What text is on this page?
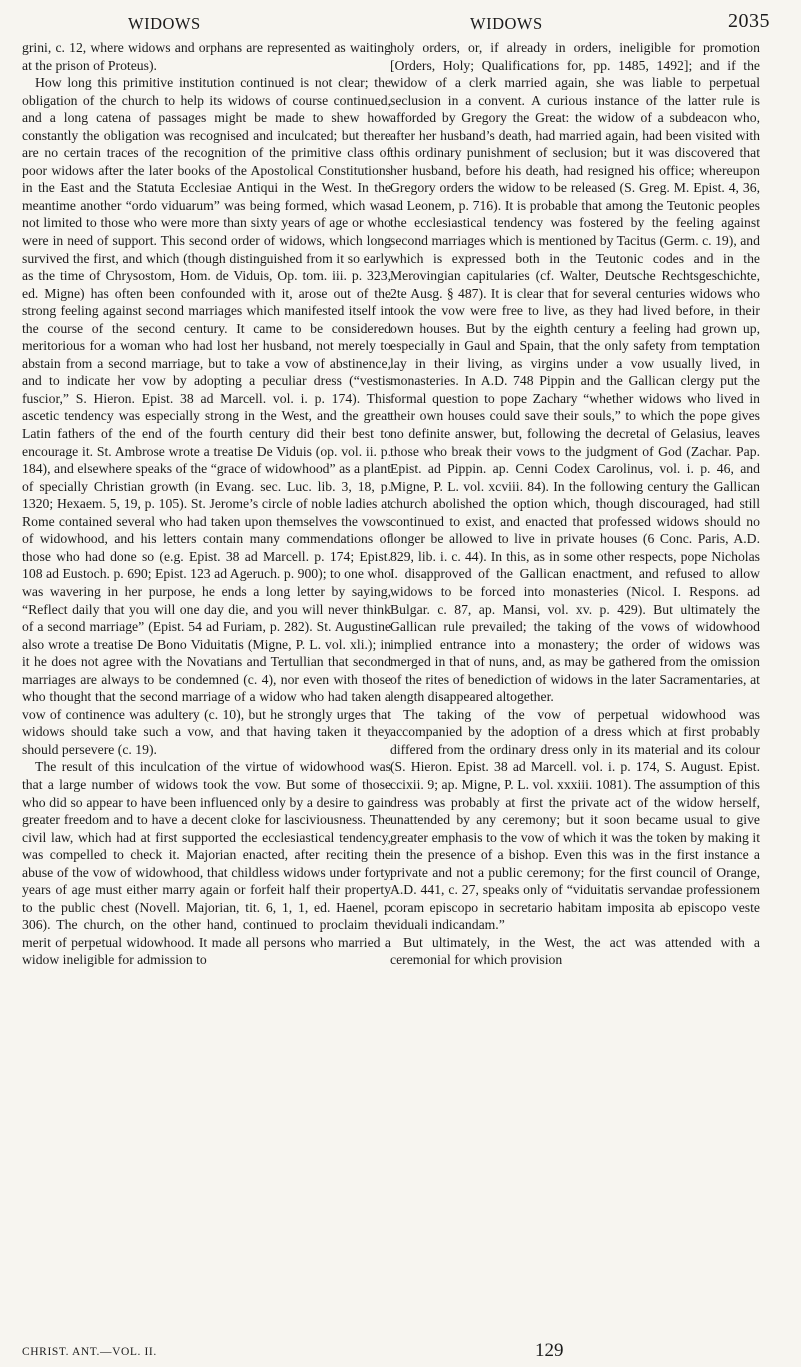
WIDOWS	WIDOWS	2035

grini, c. 12, where widows and orphans are represented as waiting at the prison of Proteus).

How long this primitive institution continued is not clear; the obligation of the church to help its widows of course continued, and a long catena of passages might be made to shew how constantly the obligation was recognised and inculcated; but there are no certain traces of the recognition of the primitive class of poor widows after the later books of the Apostolical Constitutions in the East and the Statuta Ecclesiae Antiqui in the West. In the meantime another “ordo viduarum” was being formed, which was not limited to those who were more than sixty years of age or who were in need of support. This second order of widows, which long survived the first, and which (though distinguished from it so early as the time of Chrysostom, Hom. de Viduis, Op. tom. iii. p. 323, ed. Migne) has often been confounded with it, arose out of the strong feeling against second marriages which manifested itself in the course of the second century. It came to be considered meritorious for a woman who had lost her husband, not merely to abstain from a second marriage, but to take a vow of abstinence, and to indicate her vow by adopting a peculiar dress (“vestis fuscior,” S. Hieron. Epist. 38 ad Marcell. vol. i. p. 174). This ascetic tendency was especially strong in the West, and the great Latin fathers of the end of the fourth century did their best to encourage it. St. Ambrose wrote a treatise De Viduis (op. vol. ii. p. 184), and elsewhere speaks of the “grace of widowhood” as a plant of specially Christian growth (in Evang. sec. Luc. lib. 3, 18, p. 1320; Hexaem. 5, 19, p. 105). St. Jerome’s circle of noble ladies at Rome contained several who had taken upon themselves the vows of widowhood, and his letters contain many commendations of those who had done so (e.g. Epist. 38 ad Marcell. p. 174; Epist. 108 ad Eustoch. p. 690; Epist. 123 ad Ageruch. p. 900); to one who was wavering in her purpose, he ends a long letter by saying, “Reflect daily that you will one day die, and you will never think of a second marriage” (Epist. 54 ad Furiam, p. 282). St. Augustine also wrote a treatise De Bono Viduitatis (Migne, P. L. vol. xli.); in it he does not agree with the Novatians and Tertullian that second marriages are always to be condemned (c. 4), nor even with those who thought that the second marriage of a widow who had taken a vow of continence was adultery (c. 10), but he strongly urges that widows should take such a vow, and that having taken it they should persevere (c. 19).

The result of this inculcation of the virtue of widowhood was that a large number of widows took the vow. But some of those who did so appear to have been influenced only by a desire to gain greater freedom and to have a decent cloke for lasciviousness. The civil law, which had at first supported the ecclesiastical tendency, was compelled to check it. Majorian enacted, after reciting the abuse of the vow of widowhood, that childless widows under forty years of age must either marry again or forfeit half their property to the public chest (Novell. Majorian, tit. 6, 1, 1, ed. Haenel, p 306). The church, on the other hand, continued to proclaim the merit of perpetual widowhood. It made all persons who married a widow ineligible for admission to

holy orders, or, if already in orders, ineligible for promotion [Orders, Holy; Qualifications for, pp. 1485, 1492]; and if the widow of a clerk married again, she was liable to perpetual seclusion in a convent. A curious instance of the latter rule is afforded by Gregory the Great: the widow of a subdeacon who, after her husband’s death, had married again, had been visited with this ordinary punishment of seclusion; but it was discovered that her husband, before his death, had resigned his office; whereupon Gregory orders the widow to be released (S. Greg. M. Epist. 4, 36, ad Leonem, p. 716). It is probable that among the Teutonic peoples the ecclesiastical tendency was fostered by the feeling against second marriages which is mentioned by Tacitus (Germ. c. 19), and which is expressed both in the Teutonic codes and in the Merovingian capitularies (cf. Walter, Deutsche Rechtsgeschichte, 2te Ausg. § 487). It is clear that for several centuries widows who took the vow were free to live, as they had lived before, in their own houses. But by the eighth century a feeling had grown up, especially in Gaul and Spain, that the only safety from temptation lay in their living, as virgins under a vow usually lived, in monasteries. In A.D. 748 Pippin and the Gallican clergy put the formal question to pope Zachary “whether widows who lived in their own houses could save their souls,” to which the pope gives no definite answer, but, following the decretal of Gelasius, leaves those who break their vows to the judgment of God (Zachar. Pap. Epist. ad Pippin. ap. Cenni Codex Carolinus, vol. i. p. 46, and Migne, P. L. vol. xcviii. 84). In the following century the Gallican church abolished the option which, though discouraged, had still continued to exist, and enacted that professed widows should no longer be allowed to live in private houses (6 Conc. Paris, A.D. 829, lib. i. c. 44). In this, as in some other respects, pope Nicholas I. disapproved of the Gallican enactment, and refused to allow widows to be forced into monasteries (Nicol. I. Respons. ad Bulgar. c. 87, ap. Mansi, vol. xv. p. 429). But ultimately the Gallican rule prevailed; the taking of the vows of widowhood implied entrance into a monastery; the order of widows was merged in that of nuns, and, as may be gathered from the omission of the rites of benediction of widows in the later Sacramentaries, at length disappeared altogether.

The taking of the vow of perpetual widowhood was accompanied by the adoption of a dress which at first probably differed from the ordinary dress only in its material and its colour (S. Hieron. Epist. 38 ad Marcell. vol. i. p. 174, S. August. Epist. ccixii. 9; ap. Migne, P. L. vol. xxxiii. 1081). The assumption of this dress was probably at first the private act of the widow herself, unattended by any ceremony; but it soon became usual to give greater emphasis to the vow of which it was the token by making it in the presence of a bishop. Even this was in the first instance a private and not a public ceremony; for the first council of Orange, A.D. 441, c. 27, speaks only of “viduitatis servandae professionem coram episcopo in secretario habitam imposita ab episcopo veste viduali indicandam.”

But ultimately, in the West, the act was attended with a ceremonial for which provision

CHRIST. ANT.—VOL. II.	129
